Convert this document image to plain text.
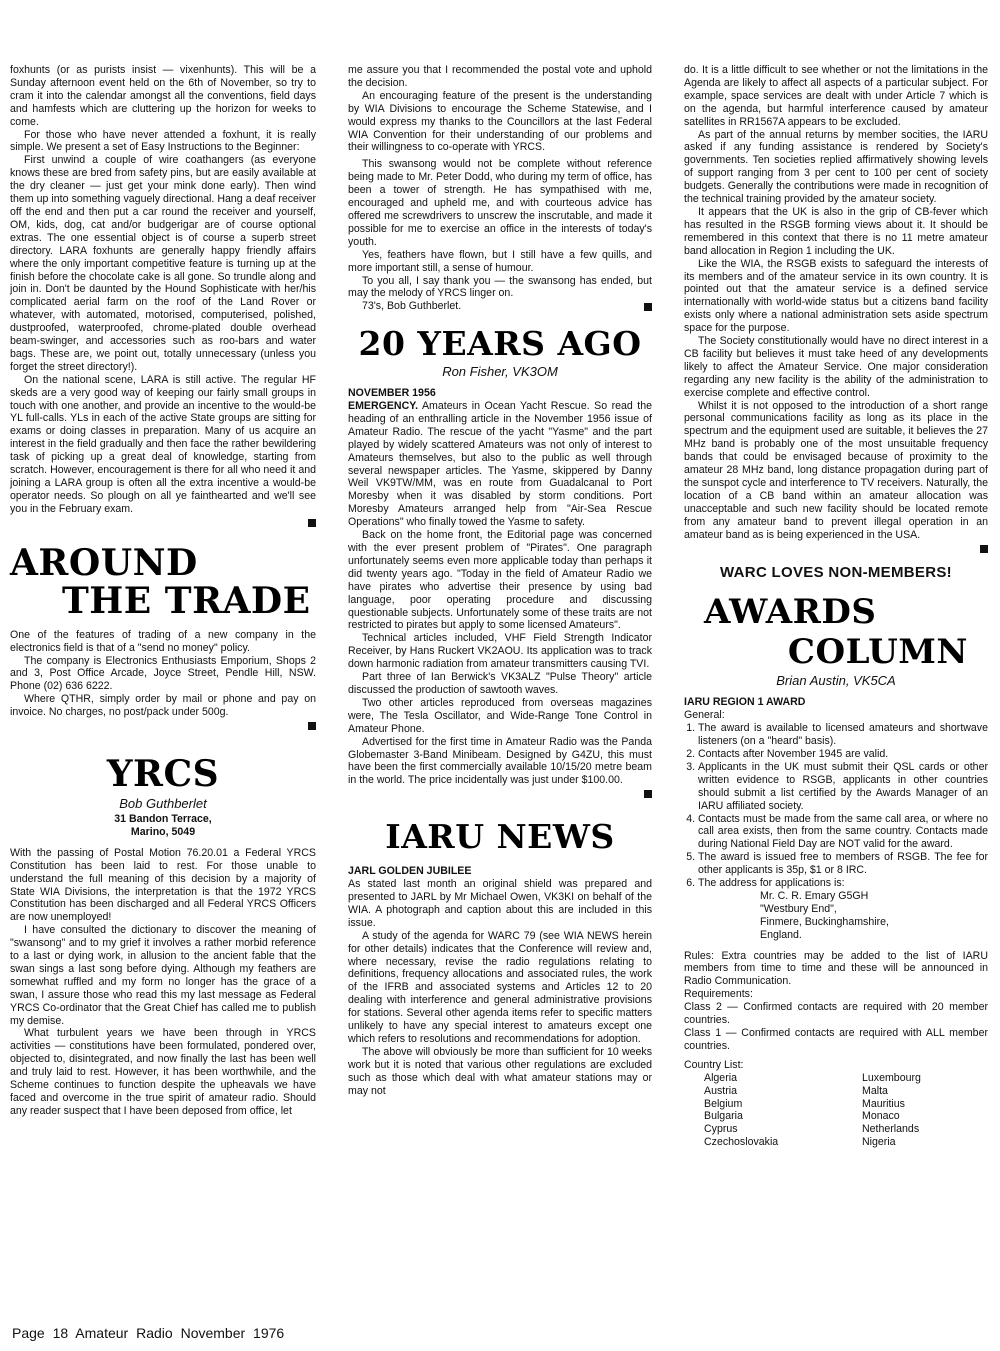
foxhunts (or as purists insist — vixenhunts). This will be a Sunday afternoon event held on the 6th of November, so try to cram it into the calendar amongst all the conventions, field days and hamfests which are cluttering up the horizon for weeks to come.

For those who have never attended a foxhunt, it is really simple. We present a set of Easy Instructions to the Beginner:

First unwind a couple of wire coathangers (as everyone knows these are bred from safety pins, but are easily available at the dry cleaner — just get your mink done early). Then wind them up into something vaguely directional. Hang a deaf receiver off the end and then put a car round the receiver and yourself, OM, kids, dog, cat and/or budgerigar are of course optional extras. The one essential object is of course a superb street directory. LARA foxhunts are generally happy friendly affairs where the only important competitive feature is turning up at the finish before the chocolate cake is all gone. So trundle along and join in. Don't be daunted by the Hound Sophisticate with her/his complicated aerial farm on the roof of the Land Rover or whatever, with automated, motorised, computerised, polished, dustproofed, waterproofed, chrome-plated double overhead beam-swinger, and accessories such as roo-bars and water bags. These are, we point out, totally unnecessary (unless you forget the street directory!).

On the national scene, LARA is still active. The regular HF skeds are a very good way of keeping our fairly small groups in touch with one another, and provide an incentive to the would-be YL full-calls. YLs in each of the active State groups are sitting for exams or doing classes in preparation. Many of us acquire an interest in the field gradually and then face the rather bewildering task of picking up a great deal of knowledge, starting from scratch. However, encouragement is there for all who need it and joining a LARA group is often all the extra incentive a would-be operator needs. So plough on all ye fainthearted and we'll see you in the February exam.

AROUND
THE TRADE

One of the features of trading of a new company in the electronics field is that of a "send no money" policy.

The company is Electronics Enthusiasts Emporium, Shops 2 and 3, Post Office Arcade, Joyce Street, Pendle Hill, NSW. Phone (02) 636 6222.

Where QTHR, simply order by mail or phone and pay on invoice. No charges, no post/pack under 500g.

YRCS
Bob Guthberlet
31 Bandon Terrace,
Marino, 5049

With the passing of Postal Motion 76.20.01 a Federal YRCS Constitution has been laid to rest. For those unable to understand the full meaning of this decision by a majority of State WIA Divisions, the interpretation is that the 1972 YRCS Constitution has been discharged and all Federal YRCS Officers are now unemployed!

I have consulted the dictionary to discover the meaning of "swansong" and to my grief it involves a rather morbid reference to a last or dying work, in allusion to the ancient fable that the swan sings a last song before dying. Although my feathers are somewhat ruffled and my form no longer has the grace of a swan, I assure those who read this my last message as Federal YRCS Co-ordinator that the Great Chief has called me to publish my demise.

What turbulent years we have been through in YRCS activities — constitutions have been formulated, pondered over, objected to, disintegrated, and now finally the last has been well and truly laid to rest. However, it has been worthwhile, and the Scheme continues to function despite the upheavals we have faced and overcome in the true spirit of amateur radio. Should any reader suspect that I have been deposed from office, let

me assure you that I recommended the postal vote and uphold the decision.

An encouraging feature of the present is the understanding by WIA Divisions to encourage the Scheme Statewise, and I would express my thanks to the Councillors at the last Federal WIA Convention for their understanding of our problems and their willingness to co-operate with YRCS.

This swansong would not be complete without reference being made to Mr. Peter Dodd, who during my term of office, has been a tower of strength. He has sympathised with me, encouraged and upheld me, and with courteous advice has offered me screwdrivers to unscrew the inscrutable, and made it possible for me to exercise an office in the interests of today's youth.

Yes, feathers have flown, but I still have a few quills, and more important still, a sense of humour.

To you all, I say thank you — the swansong has ended, but may the melody of YRCS linger on.

73's, Bob Guthberlet.

20 YEARS AGO
Ron Fisher, VK3OM
NOVEMBER 1956

EMERGENCY. Amateurs in Ocean Yacht Rescue. So read the heading of an enthralling article in the November 1956 issue of Amateur Radio. The rescue of the yacht "Yasme" and the part played by widely scattered Amateurs was not only of interest to Amateurs themselves, but also to the public as well through several newspaper articles. The Yasme, skippered by Danny Weil VK9TW/MM, was en route from Guadalcanal to Port Moresby when it was disabled by storm conditions. Port Moresby Amateurs arranged help from "Air-Sea Rescue Operations" who finally towed the Yasme to safety.

Back on the home front, the Editorial page was concerned with the ever present problem of "Pirates". One paragraph unfortunately seems even more applicable today than perhaps it did twenty years ago. "Today in the field of Amateur Radio we have pirates who advertise their presence by using bad language, poor operating procedure and discussing questionable subjects. Unfortunately some of these traits are not restricted to pirates but apply to some licensed Amateurs".

Technical articles included, VHF Field Strength Indicator Receiver, by Hans Ruckert VK2AOU. Its application was to track down harmonic radiation from amateur transmitters causing TVI.

Part three of Ian Berwick's VK3ALZ "Pulse Theory" article discussed the production of sawtooth waves.

Two other articles reproduced from overseas magazines were, The Tesla Oscillator, and Wide-Range Tone Control in Amateur Phone.

Advertised for the first time in Amateur Radio was the Panda Globemaster 3-Band Minibeam. Designed by G4ZU, this must have been the first commercially available 10/15/20 metre beam in the world. The price incidentally was just under $100.00.

IARU NEWS
JARL GOLDEN JUBILEE

As stated last month an original shield was prepared and presented to JARL by Mr Michael Owen, VK3KI on behalf of the WIA. A photograph and caption about this are included in this issue.

A study of the agenda for WARC 79 (see WIA NEWS herein for other details) indicates that the Conference will review and, where necessary, revise the radio regulations relating to definitions, frequency allocations and associated rules, the work of the IFRB and associated systems and Articles 12 to 20 dealing with interference and general administrative provisions for stations. Several other agenda items refer to specific matters unlikely to have any special interest to amateurs except one which refers to resolutions and recommendations for adoption.

The above will obviously be more than sufficient for 10 weeks work but it is noted that various other regulations are excluded such as those which deal with what amateur stations may or may not

do. It is a little difficult to see whether or not the limitations in the Agenda are likely to affect all aspects of a particular subject. For example, space services are dealt with under Article 7 which is on the agenda, but harmful interference caused by amateur satellites in RR1567A appears to be excluded.

As part of the annual returns by member socities, the IARU asked if any funding assistance is rendered by Society's governments. Ten societies replied affirmatively showing levels of support ranging from 3 per cent to 100 per cent of society budgets. Generally the contributions were made in recognition of the technical training provided by the amateur society.

It appears that the UK is also in the grip of CB-fever which has resulted in the RSGB forming views about it. It should be remembered in this context that there is no 11 metre amateur band allocation in Region 1 including the UK.

Like the WIA, the RSGB exists to safeguard the interests of its members and of the amateur service in its own country. It is pointed out that the amateur service is a defined service internationally with world-wide status but a citizens band facility exists only where a national administration sets aside spectrum space for the purpose.

The Society constitutionally would have no direct interest in a CB facility but believes it must take heed of any developments likely to affect the Amateur Service. One major consideration regarding any new facility is the ability of the administration to exercise complete and effective control.

Whilst it is not opposed to the introduction of a short range personal communications facility as long as its place in the spectrum and the equipment used are suitable, it believes the 27 MHz band is probably one of the most unsuitable frequency bands that could be envisaged because of proximity to the amateur 28 MHz band, long distance propagation during part of the sunspot cycle and interference to TV receivers. Naturally, the location of a CB band within an amateur allocation was unacceptable and such new facility should be located remote from any amateur band to prevent illegal operation in an amateur band as is being experienced in the USA.

WARC LOVES NON-MEMBERS!
AWARDS
COLUMN
Brian Austin, VK5CA
IARU REGION 1 AWARD
General:
1. The award is available to licensed amateurs and shortwave listeners (on a "heard" basis).
2. Contacts after November 1945 are valid.
3. Applicants in the UK must submit their QSL cards or other written evidence to RSGB, applicants in other countries should submit a list certified by the Awards Manager of an IARU affiliated society.
4. Contacts must be made from the same call area, or where no call area exists, then from the same country. Contacts made during National Field Day are NOT valid for the award.
5. The award is issued free to members of RSGB. The fee for other applicants is 35p, $1 or 8 IRC.
6. The address for applications is:
Mr. C. R. Emary G5GH
"Westbury End",
Finmere, Buckinghamshire,
England.

Rules: Extra countries may be added to the list of IARU members from time to time and these will be announced in Radio Communication.

Requirements:

Class 2 — Confirmed contacts are required with 20 member countries.

Class 1 — Confirmed contacts are required with ALL member countries.

Country List:
Algeria	Luxembourg
Austria	Malta
Belgium	Mauritius
Bulgaria	Monaco
Cyprus	Netherlands
Czechoslovakia	Nigeria
Page 18 Amateur Radio November 1976
